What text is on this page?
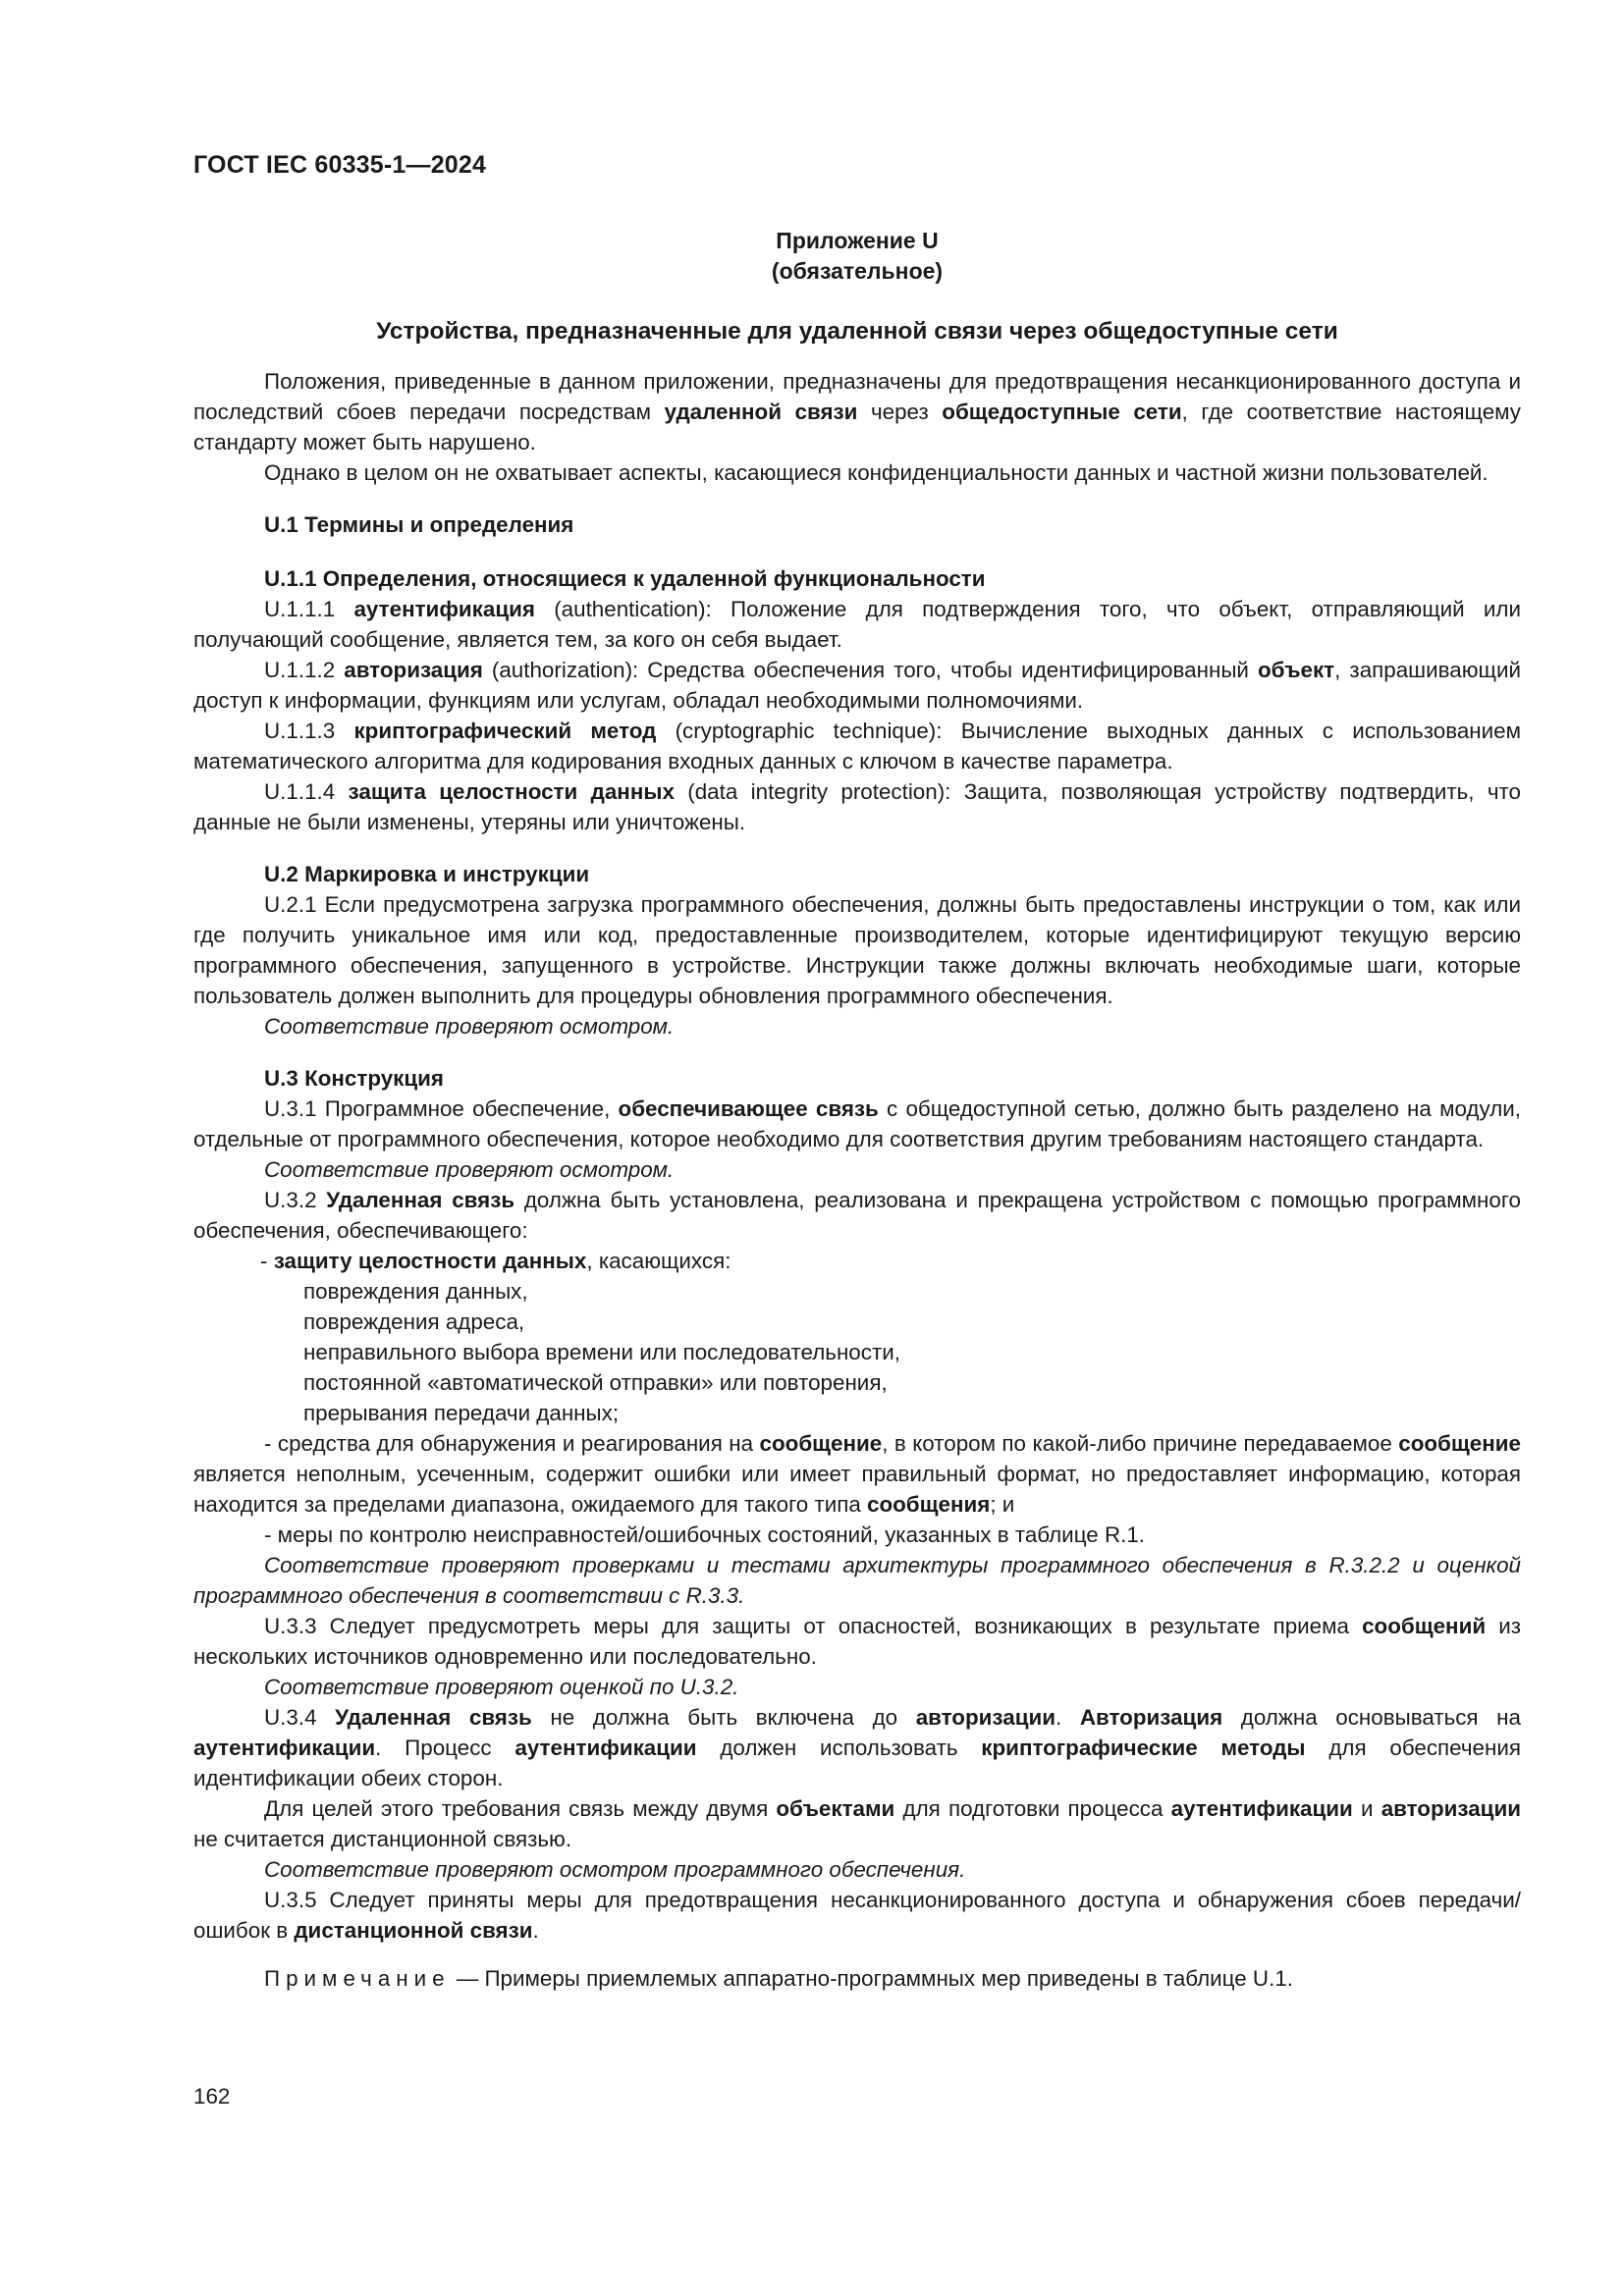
ГОСТ IEC 60335-1—2024
Приложение U
(обязательное)
Устройства, предназначенные для удаленной связи через общедоступные сети

Положения, приведенные в данном приложении, предназначены для предотвращения несанкционированного доступа и последствий сбоев передачи посредствам удаленной связи через общедоступные сети, где соответствие настоящему стандарту может быть нарушено.

Однако в целом он не охватывает аспекты, касающиеся конфиденциальности данных и частной жизни пользователей.

U.1 Термины и определения

U.1.1 Определения, относящиеся к удаленной функциональности

U.1.1.1 аутентификация (authentication): Положение для подтверждения того, что объект, отправляющий или получающий сообщение, является тем, за кого он себя выдает.

U.1.1.2 авторизация (authorization): Средства обеспечения того, чтобы идентифицированный объект, запрашивающий доступ к информации, функциям или услугам, обладал необходимыми полномочиями.

U.1.1.3 криптографический метод (cryptographic technique): Вычисление выходных данных с использованием математического алгоритма для кодирования входных данных с ключом в качестве параметра.

U.1.1.4 защита целостности данных (data integrity protection): Защита, позволяющая устройству подтвердить, что данные не были изменены, утеряны или уничтожены.

U.2 Маркировка и инструкции

U.2.1 Если предусмотрена загрузка программного обеспечения, должны быть предоставлены инструкции о том, как или где получить уникальное имя или код, предоставленные производителем, которые идентифицируют текущую версию программного обеспечения, запущенного в устройстве. Инструкции также должны включать необходимые шаги, которые пользователь должен выполнить для процедуры обновления программного обеспечения.

Соответствие проверяют осмотром.

U.3 Конструкция

U.3.1 Программное обеспечение, обеспечивающее связь с общедоступной сетью, должно быть разделено на модули, отдельные от программного обеспечения, которое необходимо для соответствия другим требованиям настоящего стандарта.

Соответствие проверяют осмотром.

U.3.2 Удаленная связь должна быть установлена, реализована и прекращена устройством с помощью программного обеспечения, обеспечивающего:

- защиту целостности данных, касающихся:

повреждения данных,

повреждения адреса,

неправильного выбора времени или последовательности,

постоянной «автоматической отправки» или повторения,

прерывания передачи данных;

- средства для обнаружения и реагирования на сообщение, в котором по какой-либо причине передаваемое сообщение является неполным, усеченным, содержит ошибки или имеет правильный формат, но предоставляет информацию, которая находится за пределами диапазона, ожидаемого для такого типа сообщения; и

- меры по контролю неисправностей/ошибочных состояний, указанных в таблице R.1.

Соответствие проверяют проверками и тестами архитектуры программного обеспечения в R.3.2.2 и оценкой программного обеспечения в соответствии с R.3.3.

U.3.3 Следует предусмотреть меры для защиты от опасностей, возникающих в результате приема сообщений из нескольких источников одновременно или последовательно.

Соответствие проверяют оценкой по U.3.2.

U.3.4 Удаленная связь не должна быть включена до авторизации. Авторизация должна основываться на аутентификации. Процесс аутентификации должен использовать криптографические методы для обеспечения идентификации обеих сторон.

Для целей этого требования связь между двумя объектами для подготовки процесса аутентификации и авторизации не считается дистанционной связью.

Соответствие проверяют осмотром программного обеспечения.

U.3.5 Следует приняты меры для предотвращения несанкционированного доступа и обнаружения сбоев передачи/ошибок в дистанционной связи.

Примечание — Примеры приемлемых аппаратно-программных мер приведены в таблице U.1.

162
